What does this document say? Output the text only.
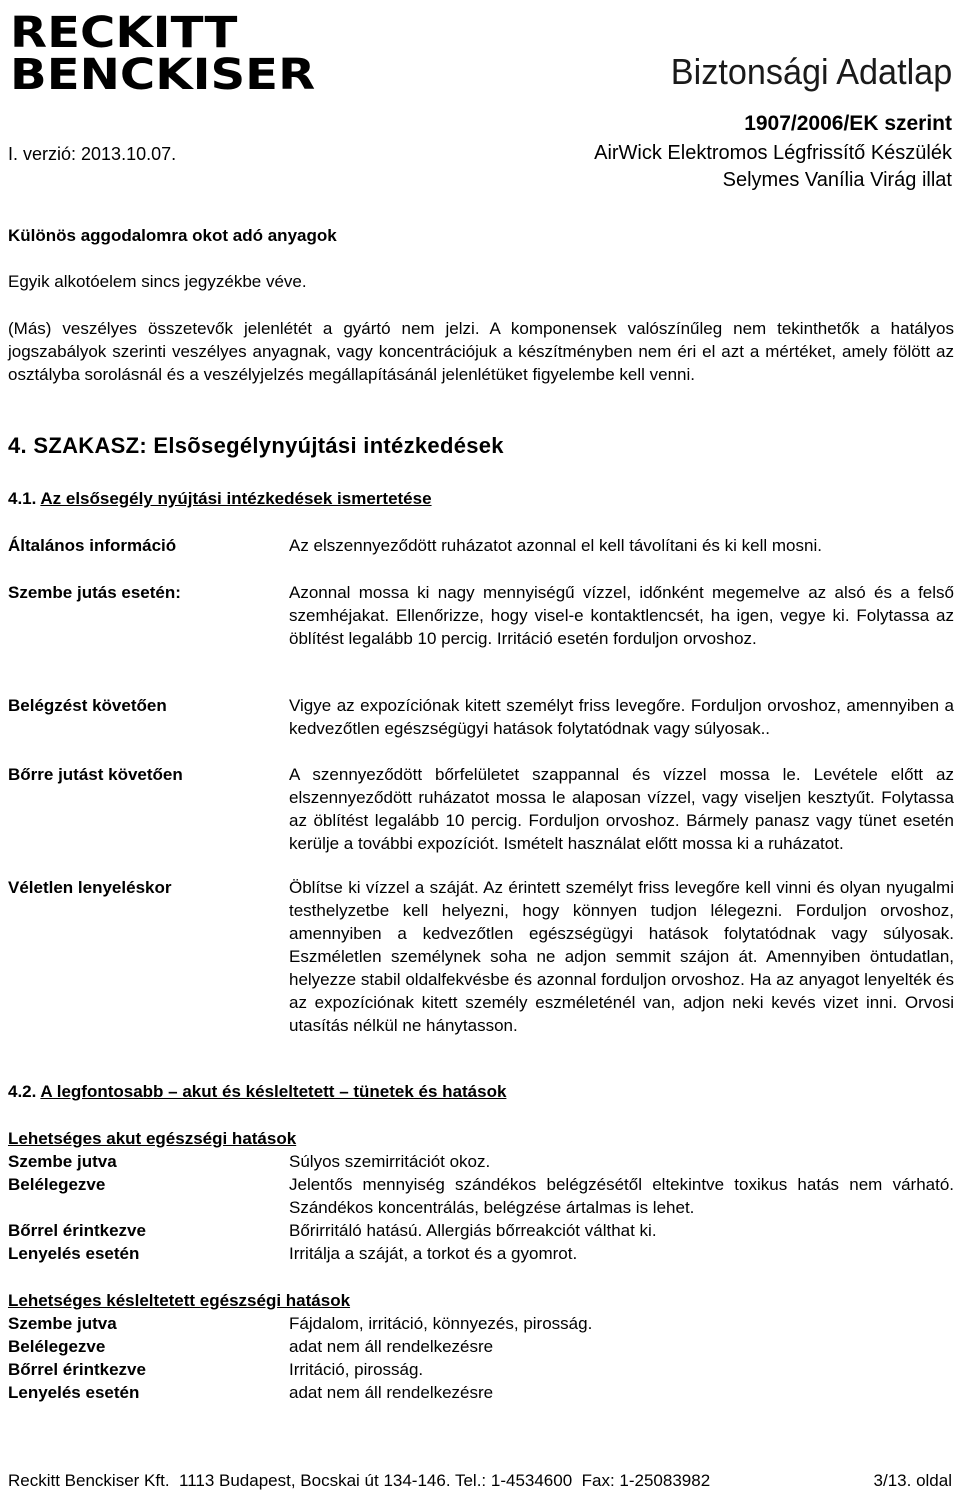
RECKITT
BENCKISER	Biztonsági Adatlap
1907/2006/EK szerint
I. verzió: 2013.10.07.	AirWick Elektromos Légfrissítő Készülék
Selymes Vanília Virág illat
Különös aggodalomra okot adó anyagok
Egyik alkotóelem sincs jegyzékbe véve.
(Más) veszélyes összetevők jelenlétét a gyártó nem jelzi. A komponensek valószínűleg nem tekinthetők a hatályos jogszabályok szerinti veszélyes anyagnak, vagy koncentrációjuk a készítményben nem éri el azt a mértéket, amely fölött az osztályba sorolásnál és a veszélyjelzés megállapításánál jelenlétüket figyelembe kell venni.
4. SZAKASZ: Elsõsegélynyújtási intézkedések
4.1. Az elsősegély nyújtási intézkedések ismertetése
Általános információ	Az elszennyeződött ruházatot azonnal el kell távolítani és ki kell mosni.
Szembe jutás esetén:	Azonnal mossa ki nagy mennyiségű vízzel, időnként megemelve az alsó és a felső szemhéjakat. Ellenőrizze, hogy visel-e kontaktlencsét, ha igen, vegye ki. Folytassa az öblítést legalább 10 percig. Irritáció esetén forduljon orvoshoz.
Belégzést követően	Vigye az expozíciónak kitett személyt friss levegőre. Forduljon orvoshoz, amennyiben a kedvezőtlen egészségügyi hatások folytatódnak vagy súlyosak..
Bőrre jutást követően	A szennyeződött bőrfelületet szappannal és vízzel mossa le. Levétele előtt az elszennyeződött ruházatot mossa le alaposan vízzel, vagy viseljen kesztyűt. Folytassa az öblítést legalább 10 percig. Forduljon orvoshoz. Bármely panasz vagy tünet esetén kerülje a további expozíciót. Ismételt használat előtt mossa ki a ruházatot.
Véletlen lenyeléskor	Öblítse ki vízzel a száját. Az érintett személyt friss levegőre kell vinni és olyan nyugalmi testhelyzetbe kell helyezni, hogy könnyen tudjon lélegezni. Forduljon orvoshoz, amennyiben a kedvezőtlen egészségügyi hatások folytatódnak vagy súlyosak. Eszméletlen személynek soha ne adjon semmit szájon át. Amennyiben öntudatlan, helyezze stabil oldalfekvésbe és azonnal forduljon orvoshoz. Ha az anyagot lenyelték és az expozíciónak kitett személy eszméleténél van, adjon neki kevés vizet inni. Orvosi utasítás nélkül ne hánytasson.
4.2. A legfontosabb – akut és késleltetett – tünetek és hatások
Lehetséges akut egészségi hatások
Szembe jutva	Súlyos szemirritációt okoz.
Belélegezve	Jelentős mennyiség szándékos belégzésétől eltekintve toxikus hatás nem várható. Szándékos koncentrálás, belégzése ártalmas is lehet.
Bőrrel érintkezve	Bőrirritáló hatású. Allergiás bőrreakciót válthat ki.
Lenyelés esetén	Irritálja a száját, a torkot és a gyomrot.
Lehetséges késleltetett egészségi hatások
Szembe jutva	Fájdalom, irritáció, könnyezés, pirosság.
Belélegezve	adat nem áll rendelkezésre
Bőrrel érintkezve	Irritáció, pirosság.
Lenyelés esetén	adat nem áll rendelkezésre
Reckitt Benckiser Kft.  1113 Budapest, Bocskai út 134-146. Tel.: 1-4534600  Fax: 1-25083982	3/13. oldal
